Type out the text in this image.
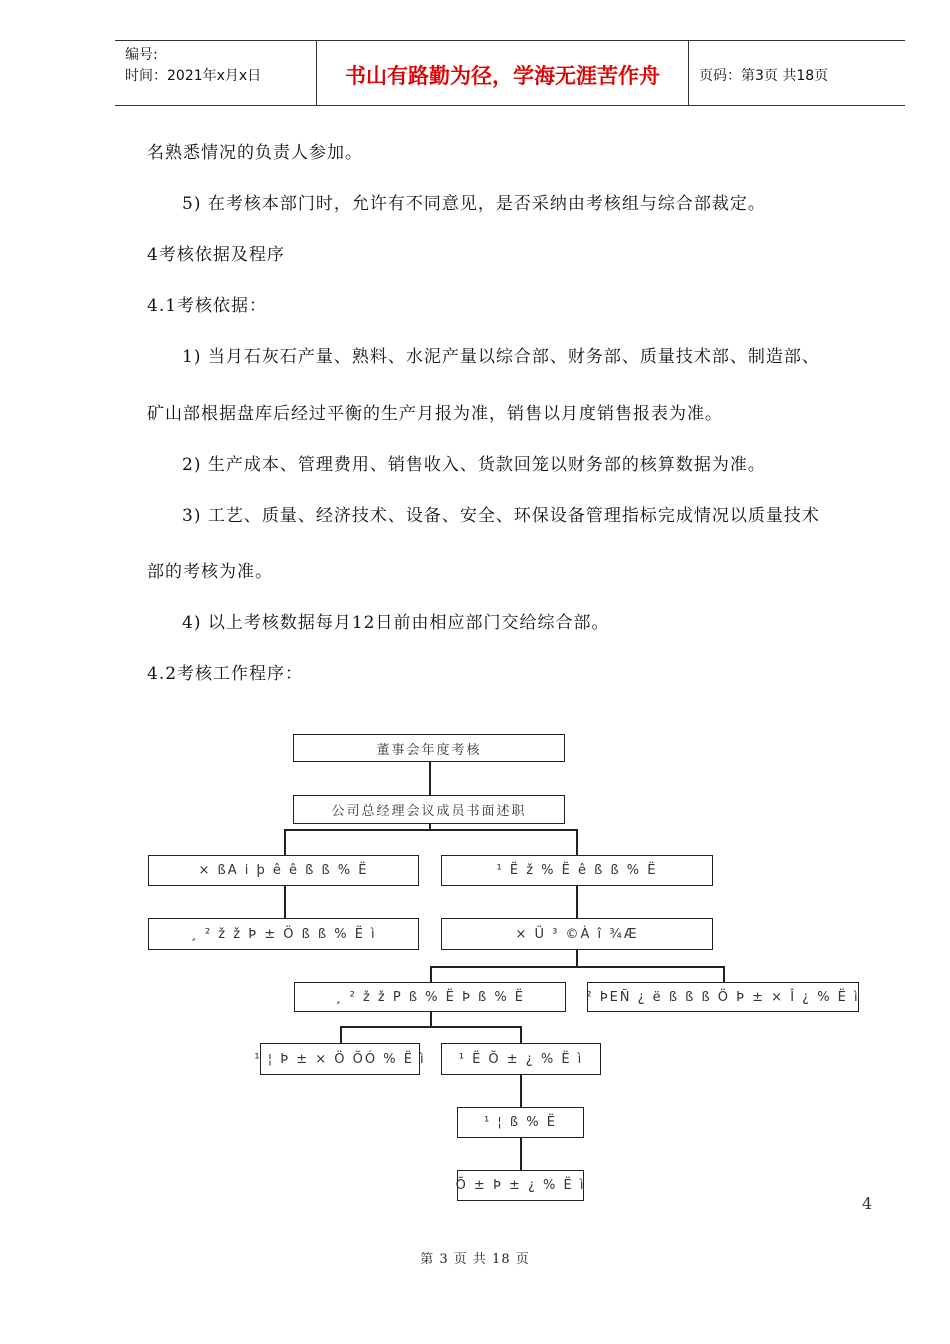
编号:
时间：2021年x月x日	书山有路勤为径，学海无涯苦作舟	页码：第3页 共18页
名熟悉情况的负责人参加。
5) 在考核本部门时，允许有不同意见，是否采纳由考核组与综合部裁定。
4考核依据及程序
4.1考核依据：
1) 当月石灰石产量、熟料、水泥产量以综合部、财务部、质量技术部、制造部、
矿山部根据盘库后经过平衡的生产月报为准，销售以月度销售报表为准。
2) 生产成本、管理费用、销售收入、货款回笼以财务部的核算数据为准。
3) 工艺、质量、经济技术、设备、安全、环保设备管理指标完成情况以质量技术
部的考核为准。
4) 以上考核数据每月12日前由相应部门交给综合部。
4.2考核工作程序：
董事会年度考核
公司总经理会议成员书面述职
× ßA i þ ê ê ß ß % Ë	¹ Ë ž % Ë ê ß ß % Ë
¸ ² ž ž Þ ± Ö ß ß % Ë ì	× Ü ³ ©À î ¾Æ
¸ ² ž ž P ß % Ë Þ ß % Ë	² ÞEÑ ¿ ë ß ß ß Ö Þ ± × Î ¿ % Ë ì
¹ ¦ Þ ± × Ö ÕÓ % Ë ì	¹ Ë Õ ± ¿ % Ë ì
¹ ¦ ß % Ë
Õ ± Þ ± ¿ % Ë ì
4
第 3 页 共 18 页
